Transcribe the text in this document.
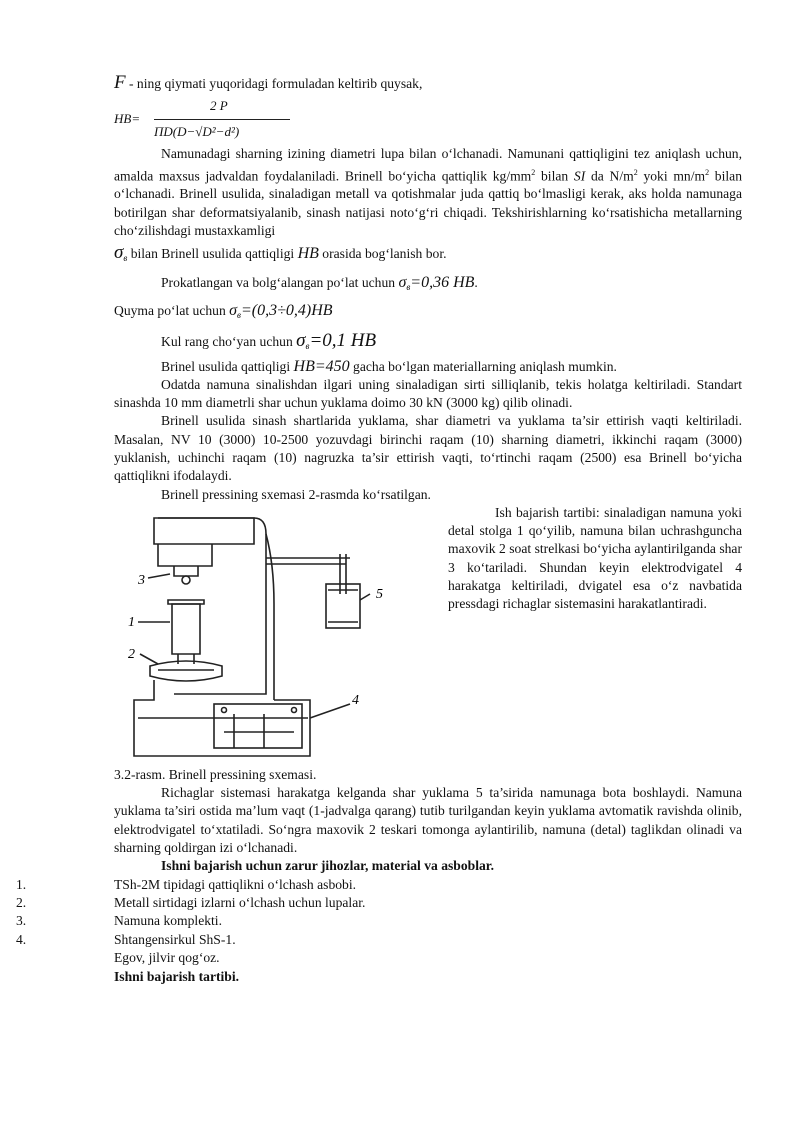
F - ning qiymati yuqoridagi formuladan keltirib quysak,

HB=
2 P
ПD(D−√D²−d²)

Namunadagi sharning izining diametri lupa bilan o‘lchanadi. Namunani qattiqligini tez aniqlash uchun, amalda maxsus jadvaldan foydalaniladi. Brinell bo‘yicha qattiqlik $kg/mm^2$ bilan SI da $N/m^2$ yoki $mn/m^2$ bilan o‘lchanadi. Brinell usulida, sinaladigan metall va qotishmalar juda qattiq bo‘lmasligi kerak, aks holda namunaga botirilgan shar deformatsiyalanib, sinash natijasi noto‘g‘ri chiqadi. Tekshirishlarning ko‘rsatishicha metallarning cho‘zilishdagi mustaxkamligi

$\sigma_в$ bilan Brinell usulida qattiqligi HB orasida bog‘lanish bor.

Prokatlangan va bolg‘alangan po‘lat uchun $\sigma_в=0,36$ HB.

Quyma po‘lat uchun $\sigma_в=(0,3\div 0,4)HB$

Kul rang cho‘yan uchun $\sigma_в=0,1$ HB

Brinel usulida qattiqligi HB=450 gacha bo‘lgan materiallarning aniqlash mumkin.

Odatda namuna sinalishdan ilgari uning sinaladigan sirti silliqlanib, tekis holatga keltiriladi. Standart sinashda 10 mm diametrli shar uchun yuklama doimo 30 kN (3000 kg) qilib olinadi.

Brinell usulida sinash shartlarida yuklama, shar diametri va yuklama ta’sir ettirish vaqti keltiriladi. Masalan, NV 10 (3000) 10-2500 yozuvdagi birinchi raqam (10) sharning diametri, ikkinchi raqam (3000) yuklanish, uchinchi raqam (10) nagruzka ta’sir ettirish vaqti, to‘rtinchi raqam (2500) esa Brinell bo‘yicha qattiqlikni ifodalaydi.

Brinell pressining sxemasi 2-rasmda ko‘rsatilgan.

3
5
1
2
4
Ish bajarish tartibi: sinaladigan namuna yoki detal stolga 1 qo‘yilib, namuna bilan uchrashguncha maxovik 2 soat strelkasi bo‘yicha aylantirilganda shar 3 ko‘tariladi. Shundan keyin elektrodvigatel 4 harakatga keltiriladi, dvigatel esa o‘z navbatida pressdagi richaglar sistemasini harakatlantiradi.

3.2-rasm. Brinell pressining sxemasi.

Richaglar sistemasi harakatga kelganda shar yuklama 5 ta’sirida namunaga bota boshlaydi. Namuna yuklama ta’siri ostida ma’lum vaqt (1-jadvalga qarang) tutib turilgandan keyin yuklama avtomatik ravishda olinib, elektrodvigatel to‘xtatiladi. So‘ngra maxovik 2 teskari tomonga aylantirilib, namuna (detal) taglikdan olinadi va sharning qoldirgan izi o‘lchanadi.

Ishni bajarish uchun zarur jihozlar, material va asboblar.

1.	TSh-2M tipidagi qattiqlikni o‘lchash asbobi.
2.	Metall sirtidagi izlarni o‘lchash uchun lupalar.
3.	Namuna komplekti.
4.	Shtangensirkul ShS-1.
Egov, jilvir qog‘oz.

Ishni bajarish tartibi.
